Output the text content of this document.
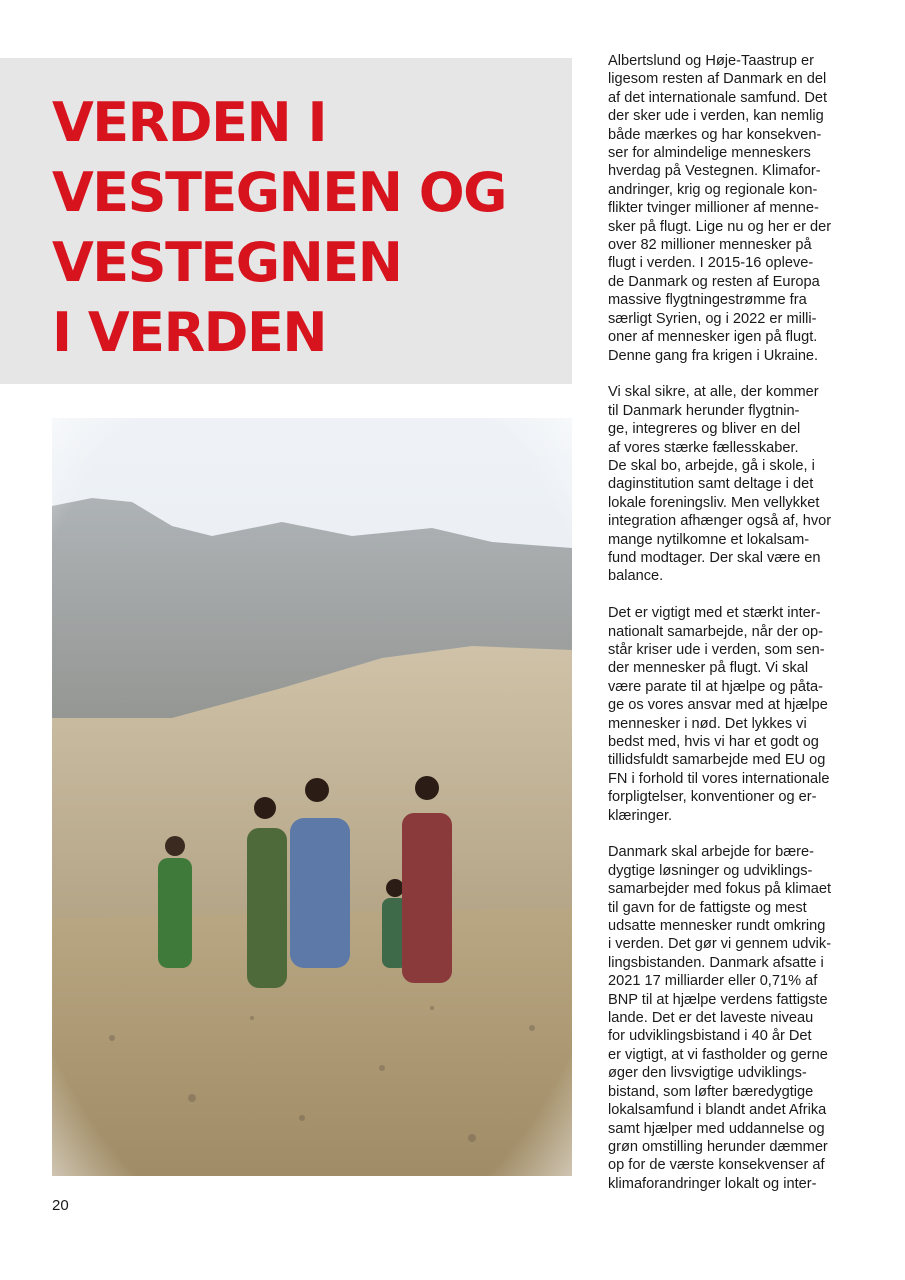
VERDEN I
VESTEGNEN OG
VESTEGNEN
I VERDEN

Albertslund og Høje-Taastrup er
ligesom resten af Danmark en del
af det internationale samfund. Det
der sker ude i verden, kan nemlig
både mærkes og har konsekven-
ser for almindelige menneskers
hverdag på Vestegnen. Klimafor-
andringer, krig og regionale kon-
flikter tvinger millioner af menne-
sker på flugt. Lige nu og her er der
over 82 millioner mennesker på
flugt i verden. I 2015-16 opleve-
de Danmark og resten af Europa
massive flygtningestrømme fra
særligt Syrien, og i 2022 er milli-
oner af mennesker igen på flugt.
Denne gang fra krigen i Ukraine.

Vi skal sikre, at alle, der kommer
til Danmark herunder flygtnin-
ge, integreres og bliver en del
af vores stærke fællesskaber.
De skal bo, arbejde, gå i skole, i
daginstitution samt deltage i det
lokale foreningsliv. Men vellykket
integration afhænger også af, hvor
mange nytilkomne et lokalsam-
fund modtager. Der skal være en
balance.

Det er vigtigt med et stærkt inter-
nationalt samarbejde, når der op-
står kriser ude i verden, som sen-
der mennesker på flugt. Vi skal
være parate til at hjælpe og påta-
ge os vores ansvar med at hjælpe
mennesker i nød. Det lykkes vi
bedst med, hvis vi har et godt og
tillidsfuldt samarbejde med EU og
FN i forhold til vores internationale
forpligtelser, konventioner og er-
klæringer.

Danmark skal arbejde for bære-
dygtige løsninger og udviklings-
samarbejder med fokus på klimaet
til gavn for de fattigste og mest
udsatte mennesker rundt omkring
i verden. Det gør vi gennem udvik-
lingsbistanden. Danmark afsatte i
2021 17 milliarder eller 0,71% af
BNP til at hjælpe verdens fattigste
lande. Det er det laveste niveau
for udviklingsbistand i 40 år Det
er vigtigt, at vi fastholder og gerne
øger den livsvigtige udviklings-
bistand, som løfter bæredygtige
lokalsamfund i blandt andet Afrika
samt hjælper med uddannelse og
grøn omstilling herunder dæmmer
op for de værste konsekvenser af
klimaforandringer lokalt og inter-

20
